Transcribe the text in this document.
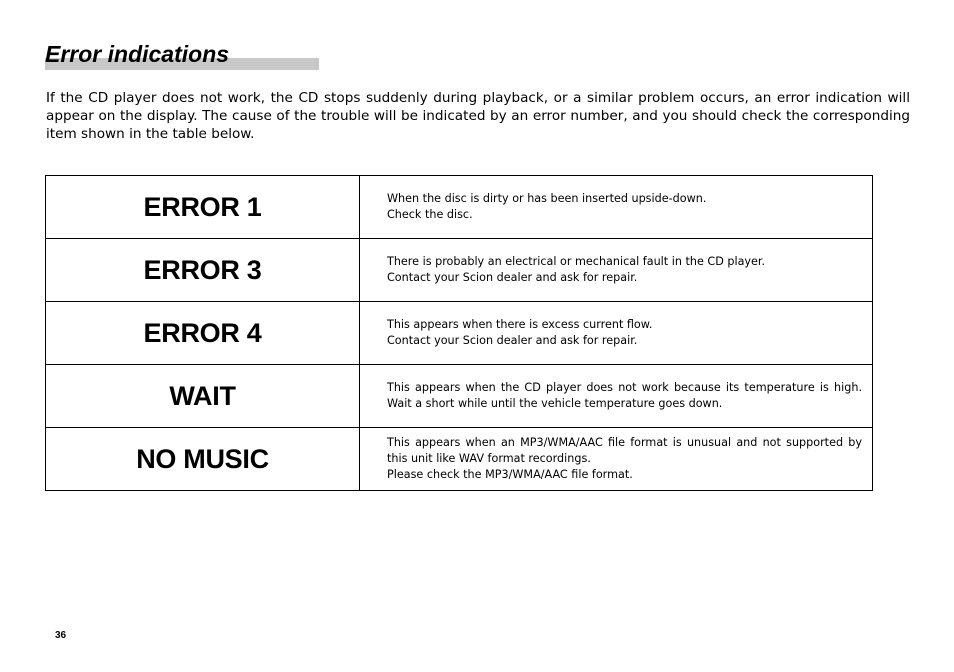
Error indications

If the CD player does not work, the CD stops suddenly during playback, or a similar problem occurs, an error indication will appear on the display. The cause of the trouble will be indicated by an error number, and you should check the corresponding item shown in the table below.

ERROR 1	When the disc is dirty or has been inserted upside-down.
Check the disc.

ERROR 3	There is probably an electrical or mechanical fault in the CD player.
Contact your Scion dealer and ask for repair.

ERROR 4	This appears when there is excess current flow.
Contact your Scion dealer and ask for repair.

WAIT	This appears when the CD player does not work because its temperature is high.
Wait a short while until the vehicle temperature goes down.

NO MUSIC	This appears when an MP3/WMA/AAC file format is unusual and not supported by
this unit like WAV format recordings.
Please check the MP3/WMA/AAC file format.
36
